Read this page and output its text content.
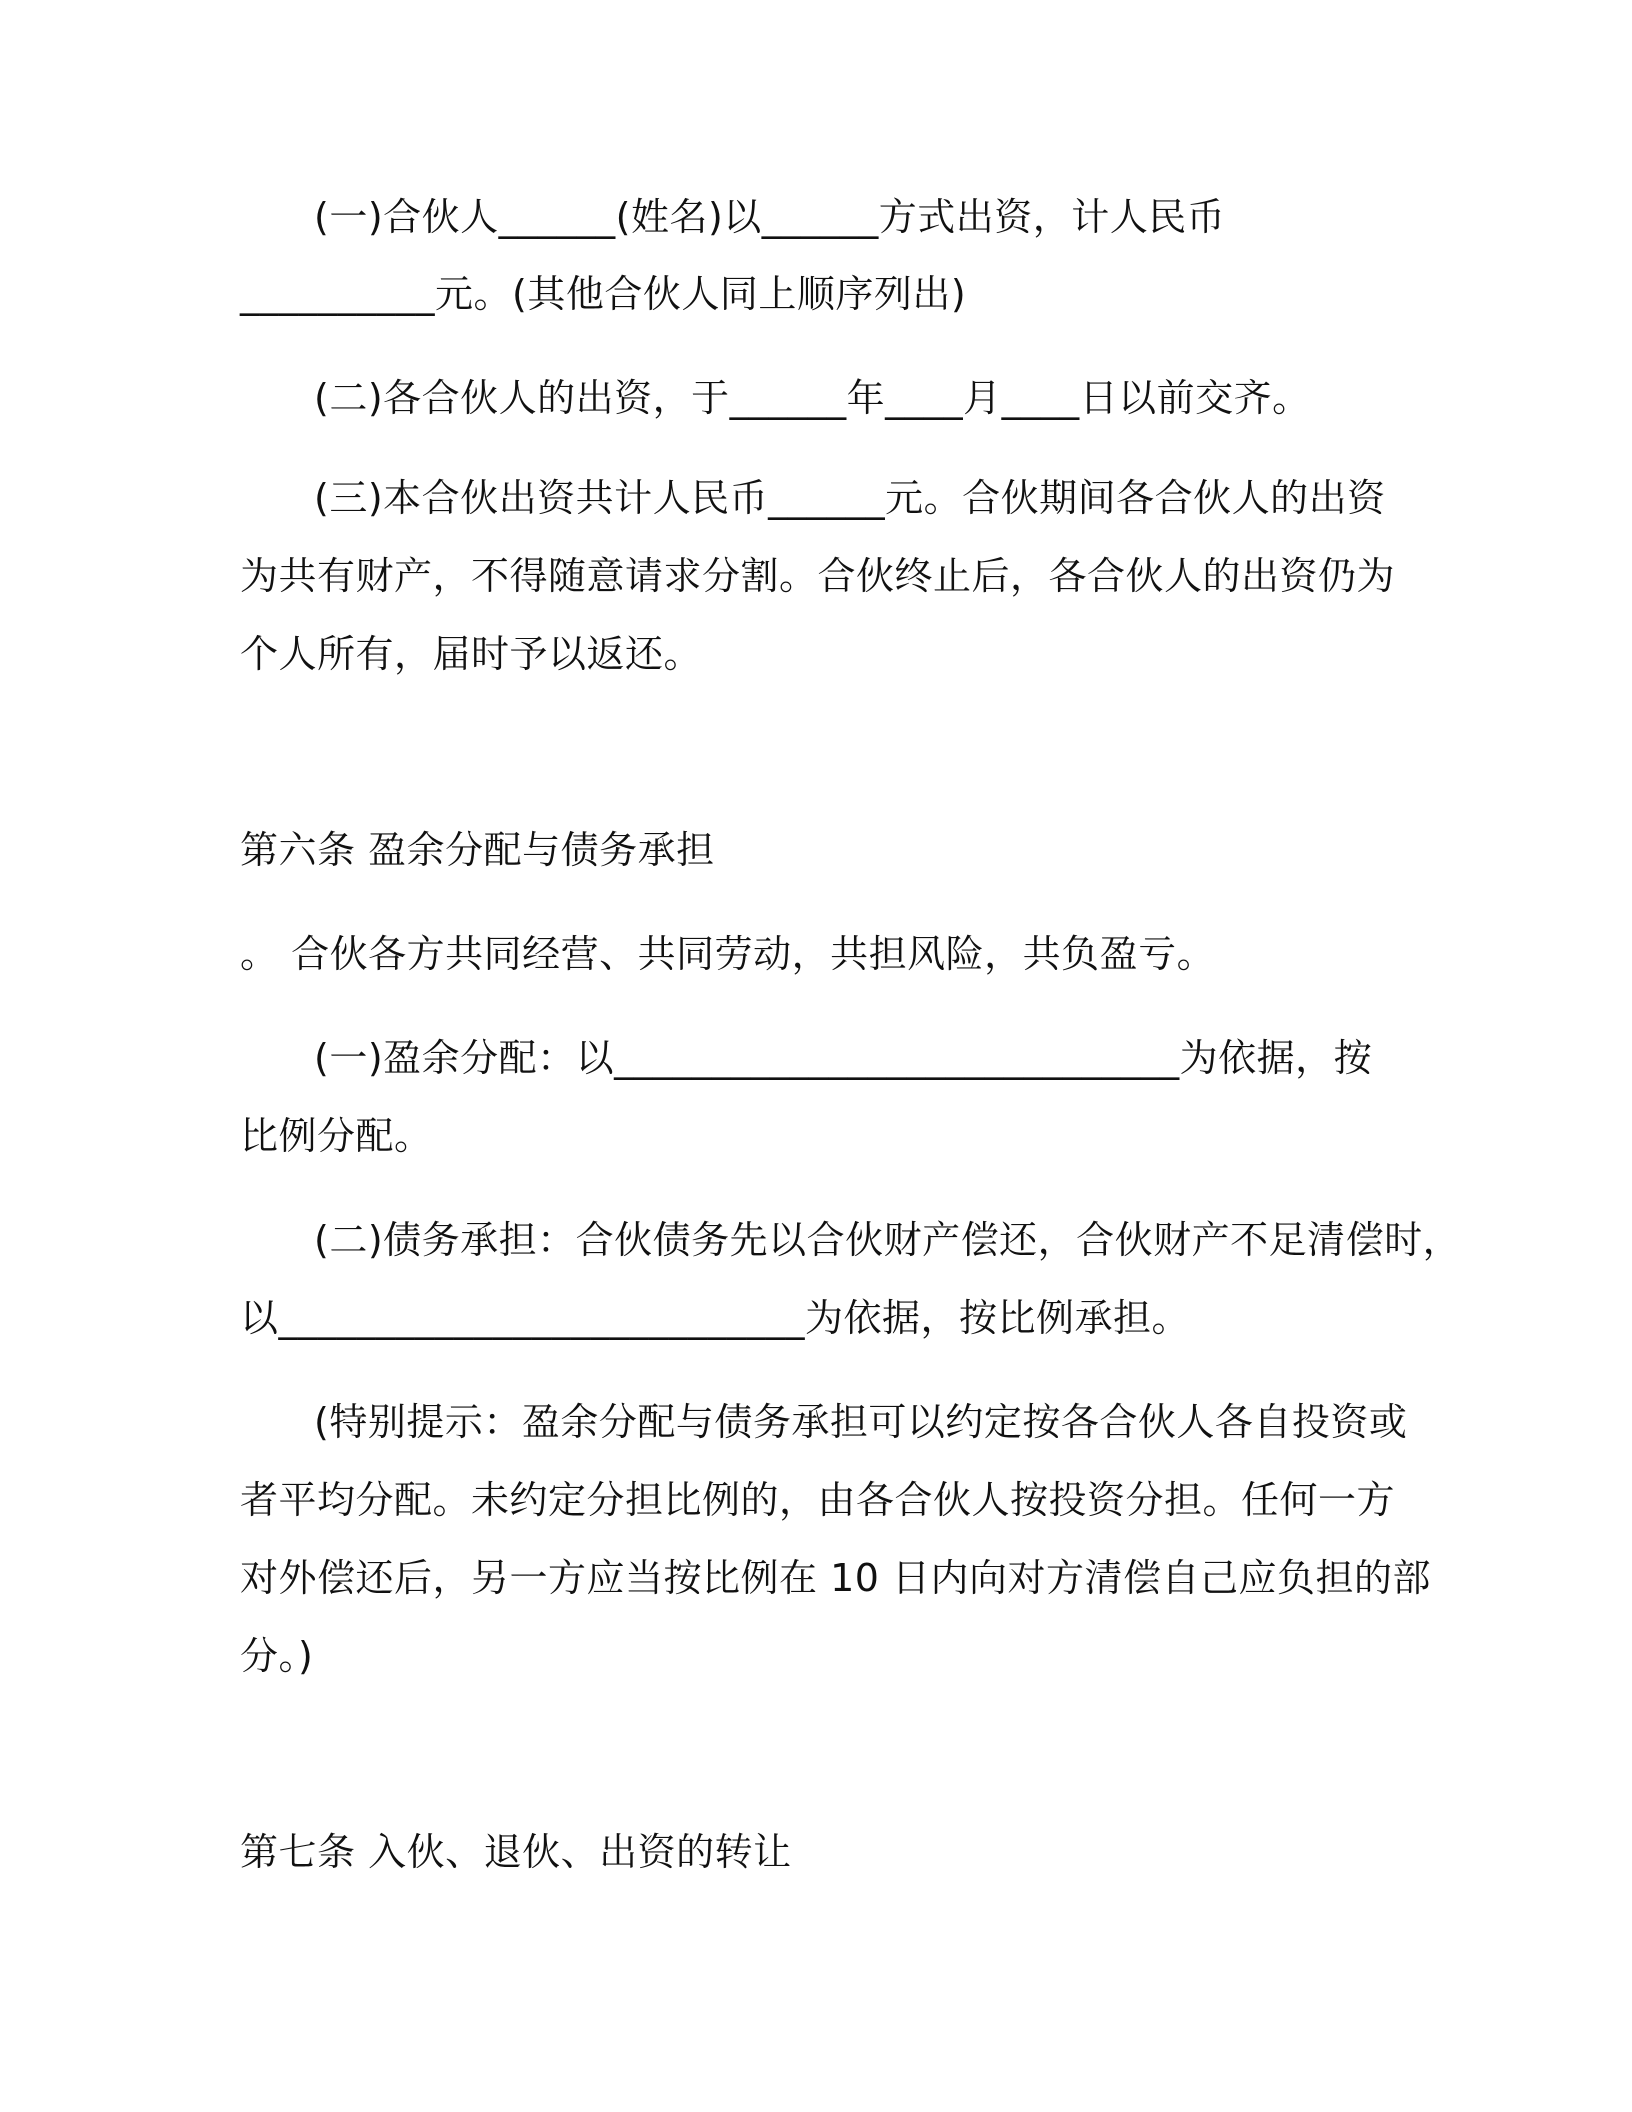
(一)合伙人______(姓名)以______方式出资，计人民币
__________元。(其他合伙人同上顺序列出)
(二)各合伙人的出资，于______年____月____日以前交齐。
(三)本合伙出资共计人民币______元。合伙期间各合伙人的出资
为共有财产，不得随意请求分割。合伙终止后，各合伙人的出资仍为
个人所有，届时予以返还。
第六条 盈余分配与债务承担
。 合伙各方共同经营、共同劳动，共担风险，共负盈亏。
(一)盈余分配：以_____________________________为依据，按
比例分配。
(二)债务承担：合伙债务先以合伙财产偿还，合伙财产不足清偿时，
以___________________________为依据，按比例承担。
(特别提示：盈余分配与债务承担可以约定按各合伙人各自投资或
者平均分配。未约定分担比例的，由各合伙人按投资分担。任何一方
对外偿还后，另一方应当按比例在 10 日内向对方清偿自己应负担的部
分。)
第七条 入伙、退伙、出资的转让
